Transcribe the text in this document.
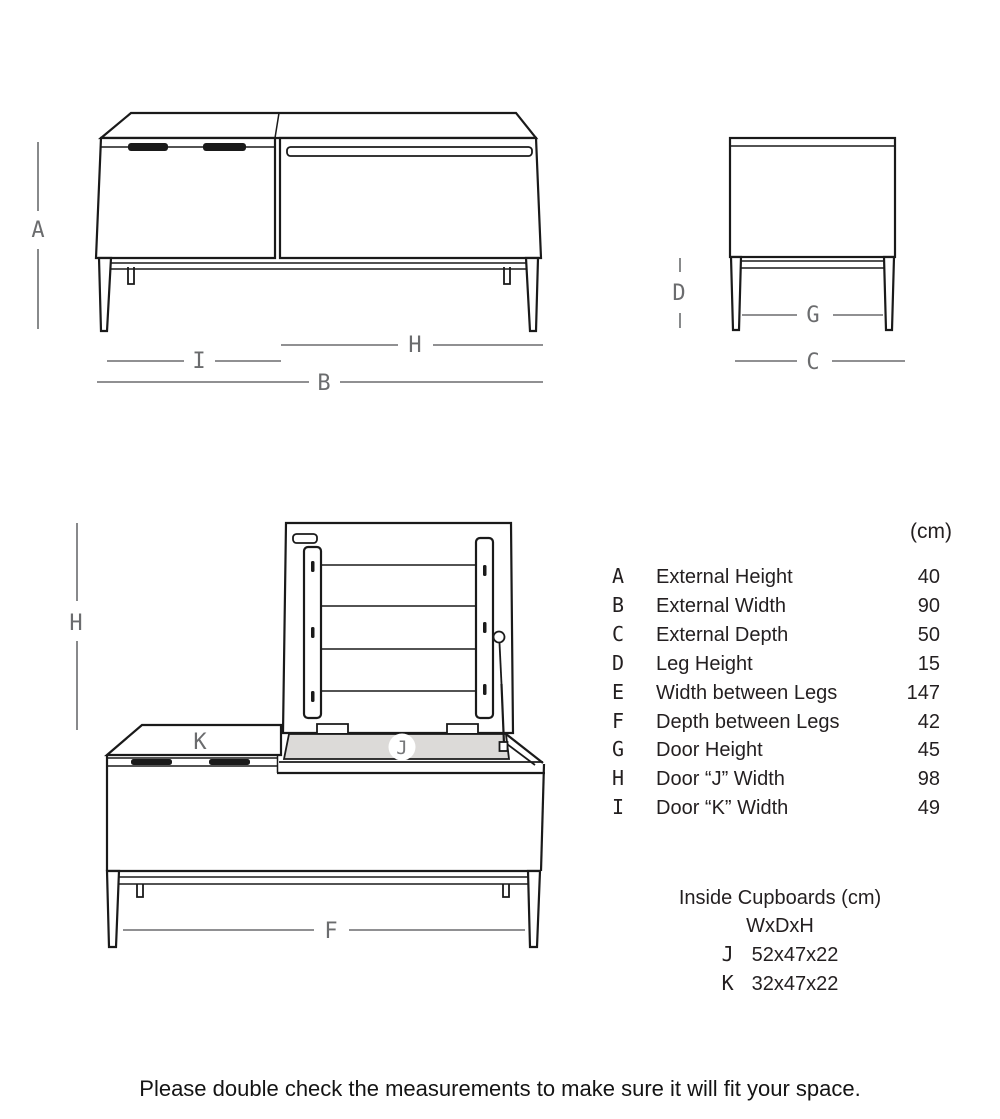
A
H
I
B
D
G
C
J
K
H
F
(cm)
A	External Height	40
B	External Width	90
C	External Depth	50
D	Leg Height	15
E	Width between Legs	147
F	Depth between Legs	42
G	Door Height	45
H	Door “J” Width	98
I	Door “K” Width	49
Inside Cupboards (cm)
WxDxH
J 52x47x22
K 32x47x22
Please double check the measurements to make sure it will fit your space.
